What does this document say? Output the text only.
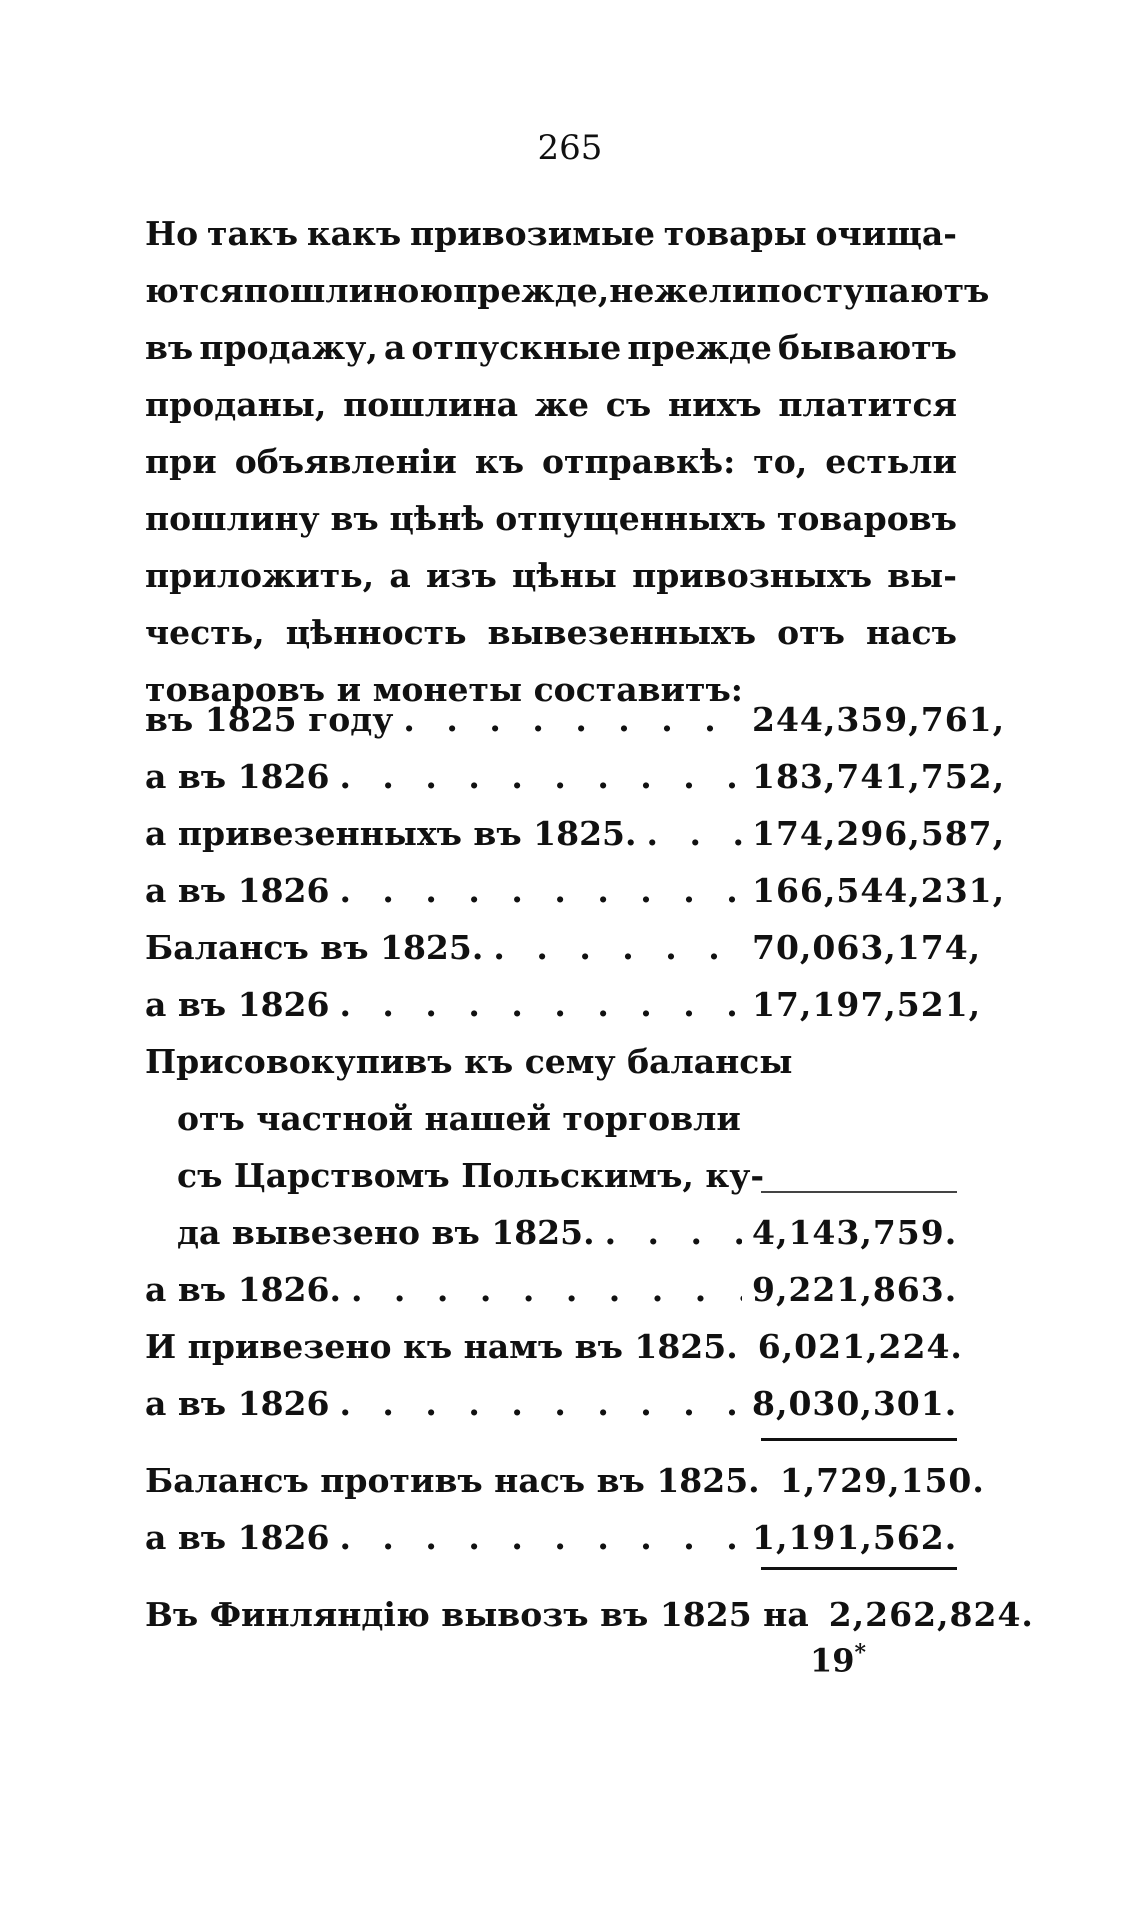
265
Но такъ какъ привозимые товары очища-
ются пошлиною прежде, нежели поступаютъ
въ продажу, а отпускные прежде бываютъ
проданы, пошлина же съ нихъ платится
при объявленіи къ отправкѣ: то, естьли
пошлину въ цѣнѣ отпущенныхъ товаровъ
приложить, а изъ цѣны привозныхъ вы-
честь, цѣнность вывезенныхъ отъ насъ
товаровъ и монеты составитъ:
въ 1825 году . . .	244,359,761,
а въ 1826 . . .	183,741,752,
а привезенныхъ въ 1825. . . .	174,296,587,
а въ 1826 . . .	166,544,231,
Балансъ въ 1825. . . .	70,063,174,
а въ 1826 . . .	17,197,521,
Присовокупивъ къ сему балансы
отъ частной нашей торговли
съ Царствомъ Польскимъ, ку-
да вывезено въ 1825. . . .	4,143,759.
а въ 1826. . . .	9,221,863.
И привезено къ намъ въ 1825. 6,021,224.
а въ 1826 . . .	8,030,301.
Балансъ противъ насъ въ 1825. 1,729,150.
а въ 1826 . . .	1,191,562.
Въ Финляндію вывозъ въ 1825 на 2,262,824.
19*
